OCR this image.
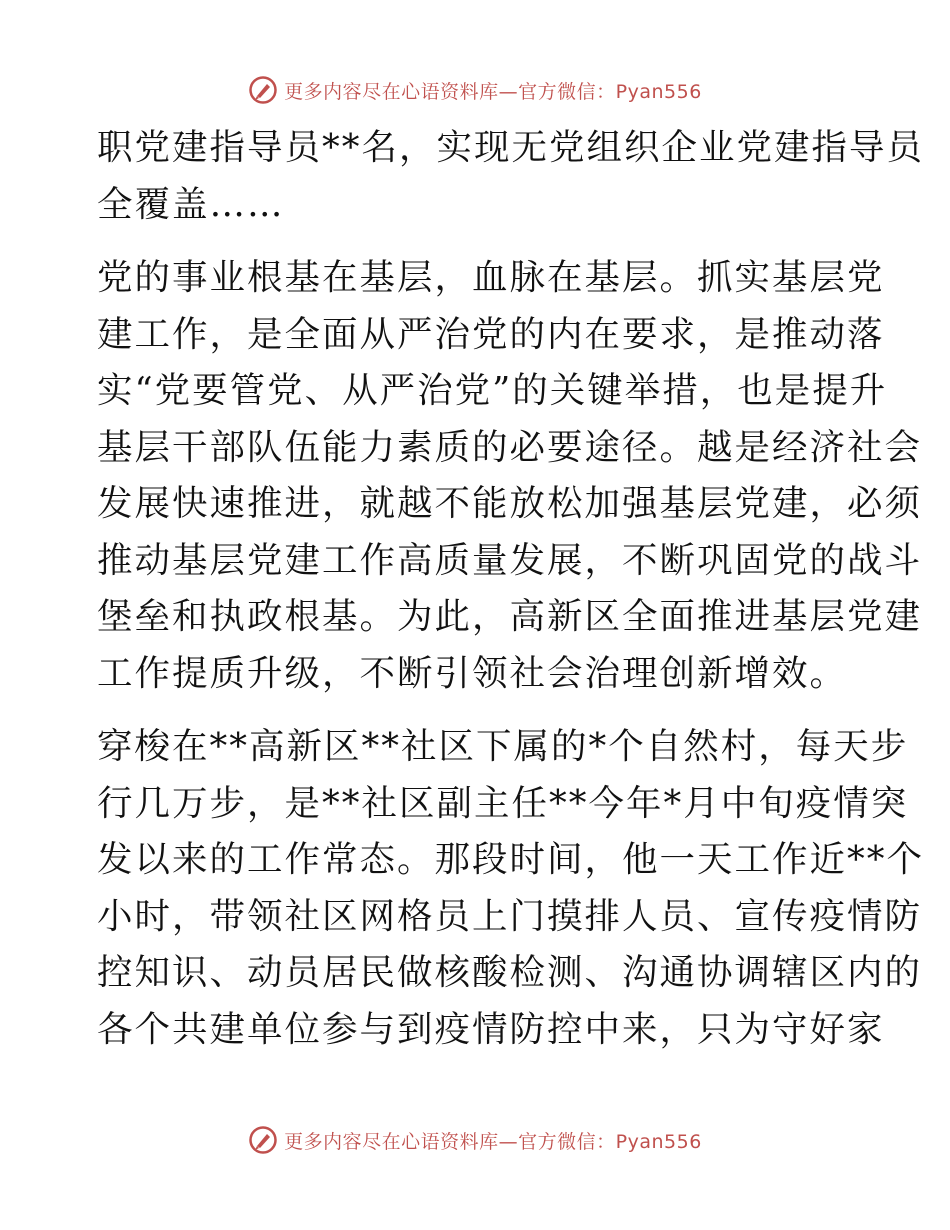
更多内容尽在心语资料库—官方微信：Pyan556

职党建指导员**名，实现无党组织企业党建指导员
全覆盖……

党的事业根基在基层，血脉在基层。抓实基层党
建工作，是全面从严治党的内在要求，是推动落
实“党要管党、从严治党”的关键举措，也是提升
基层干部队伍能力素质的必要途径。越是经济社会
发展快速推进，就越不能放松加强基层党建，必须
推动基层党建工作高质量发展，不断巩固党的战斗
堡垒和执政根基。为此，高新区全面推进基层党建
工作提质升级，不断引领社会治理创新增效。

穿梭在**高新区**社区下属的*个自然村，每天步
行几万步，是**社区副主任**今年*月中旬疫情突
发以来的工作常态。那段时间，他一天工作近**个
小时，带领社区网格员上门摸排人员、宣传疫情防
控知识、动员居民做核酸检测、沟通协调辖区内的
各个共建单位参与到疫情防控中来，只为守好家

更多内容尽在心语资料库—官方微信：Pyan556
